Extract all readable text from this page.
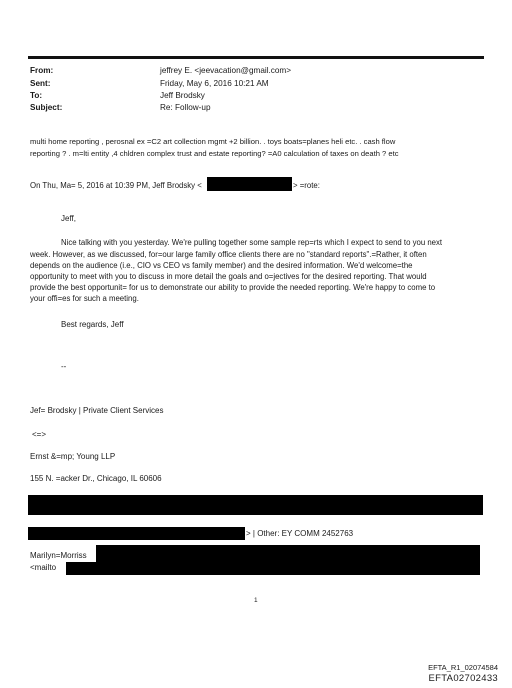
From:	jeffrey E. <jeevacation@gmail.com>
Sent:	Friday, May 6, 2016 10:21 AM
To:	Jeff Brodsky
Subject:	Re: Follow-up
multi home reporting , perosnal ex =C2 art collection mgmt +2 billion. . toys boats=planes heli etc. . cash flow
reporting ? . m=lti entity ,4 chldren complex trust and estate reporting? =A0 calculation of taxes on death ? etc
On Thu, Ma= 5, 2016 at 10:39 PM, Jeff Brodsky <	> =rote:
Jeff,
Nice talking with you yesterday. We're pulling together some sample rep=rts which I expect to send to you next
week. However, as we discussed, for=our large family office clients there are no "standard reports".=Rather, it often
depends on the audience (i.e., CIO vs CEO vs family member) and the desired information. We'd welcome=the
opportunity to meet with you to discuss in more detail the goals and o=jectives for the desired reporting. That would
provide the best opportunit= for us to demonstrate our ability to provide the needed reporting. We're happy to come to
your offi=es for such a meeting.
Best regards, Jeff
--
Jef= Brodsky | Private Client Services
<=>
Ernst &=mp; Young LLP
155 N. =acker Dr., Chicago, IL 60606
> | Other: EY COMM 2452763
Marilyn=Morriss
<mailto
1
EFTA_R1_02074584
EFTA02702433
